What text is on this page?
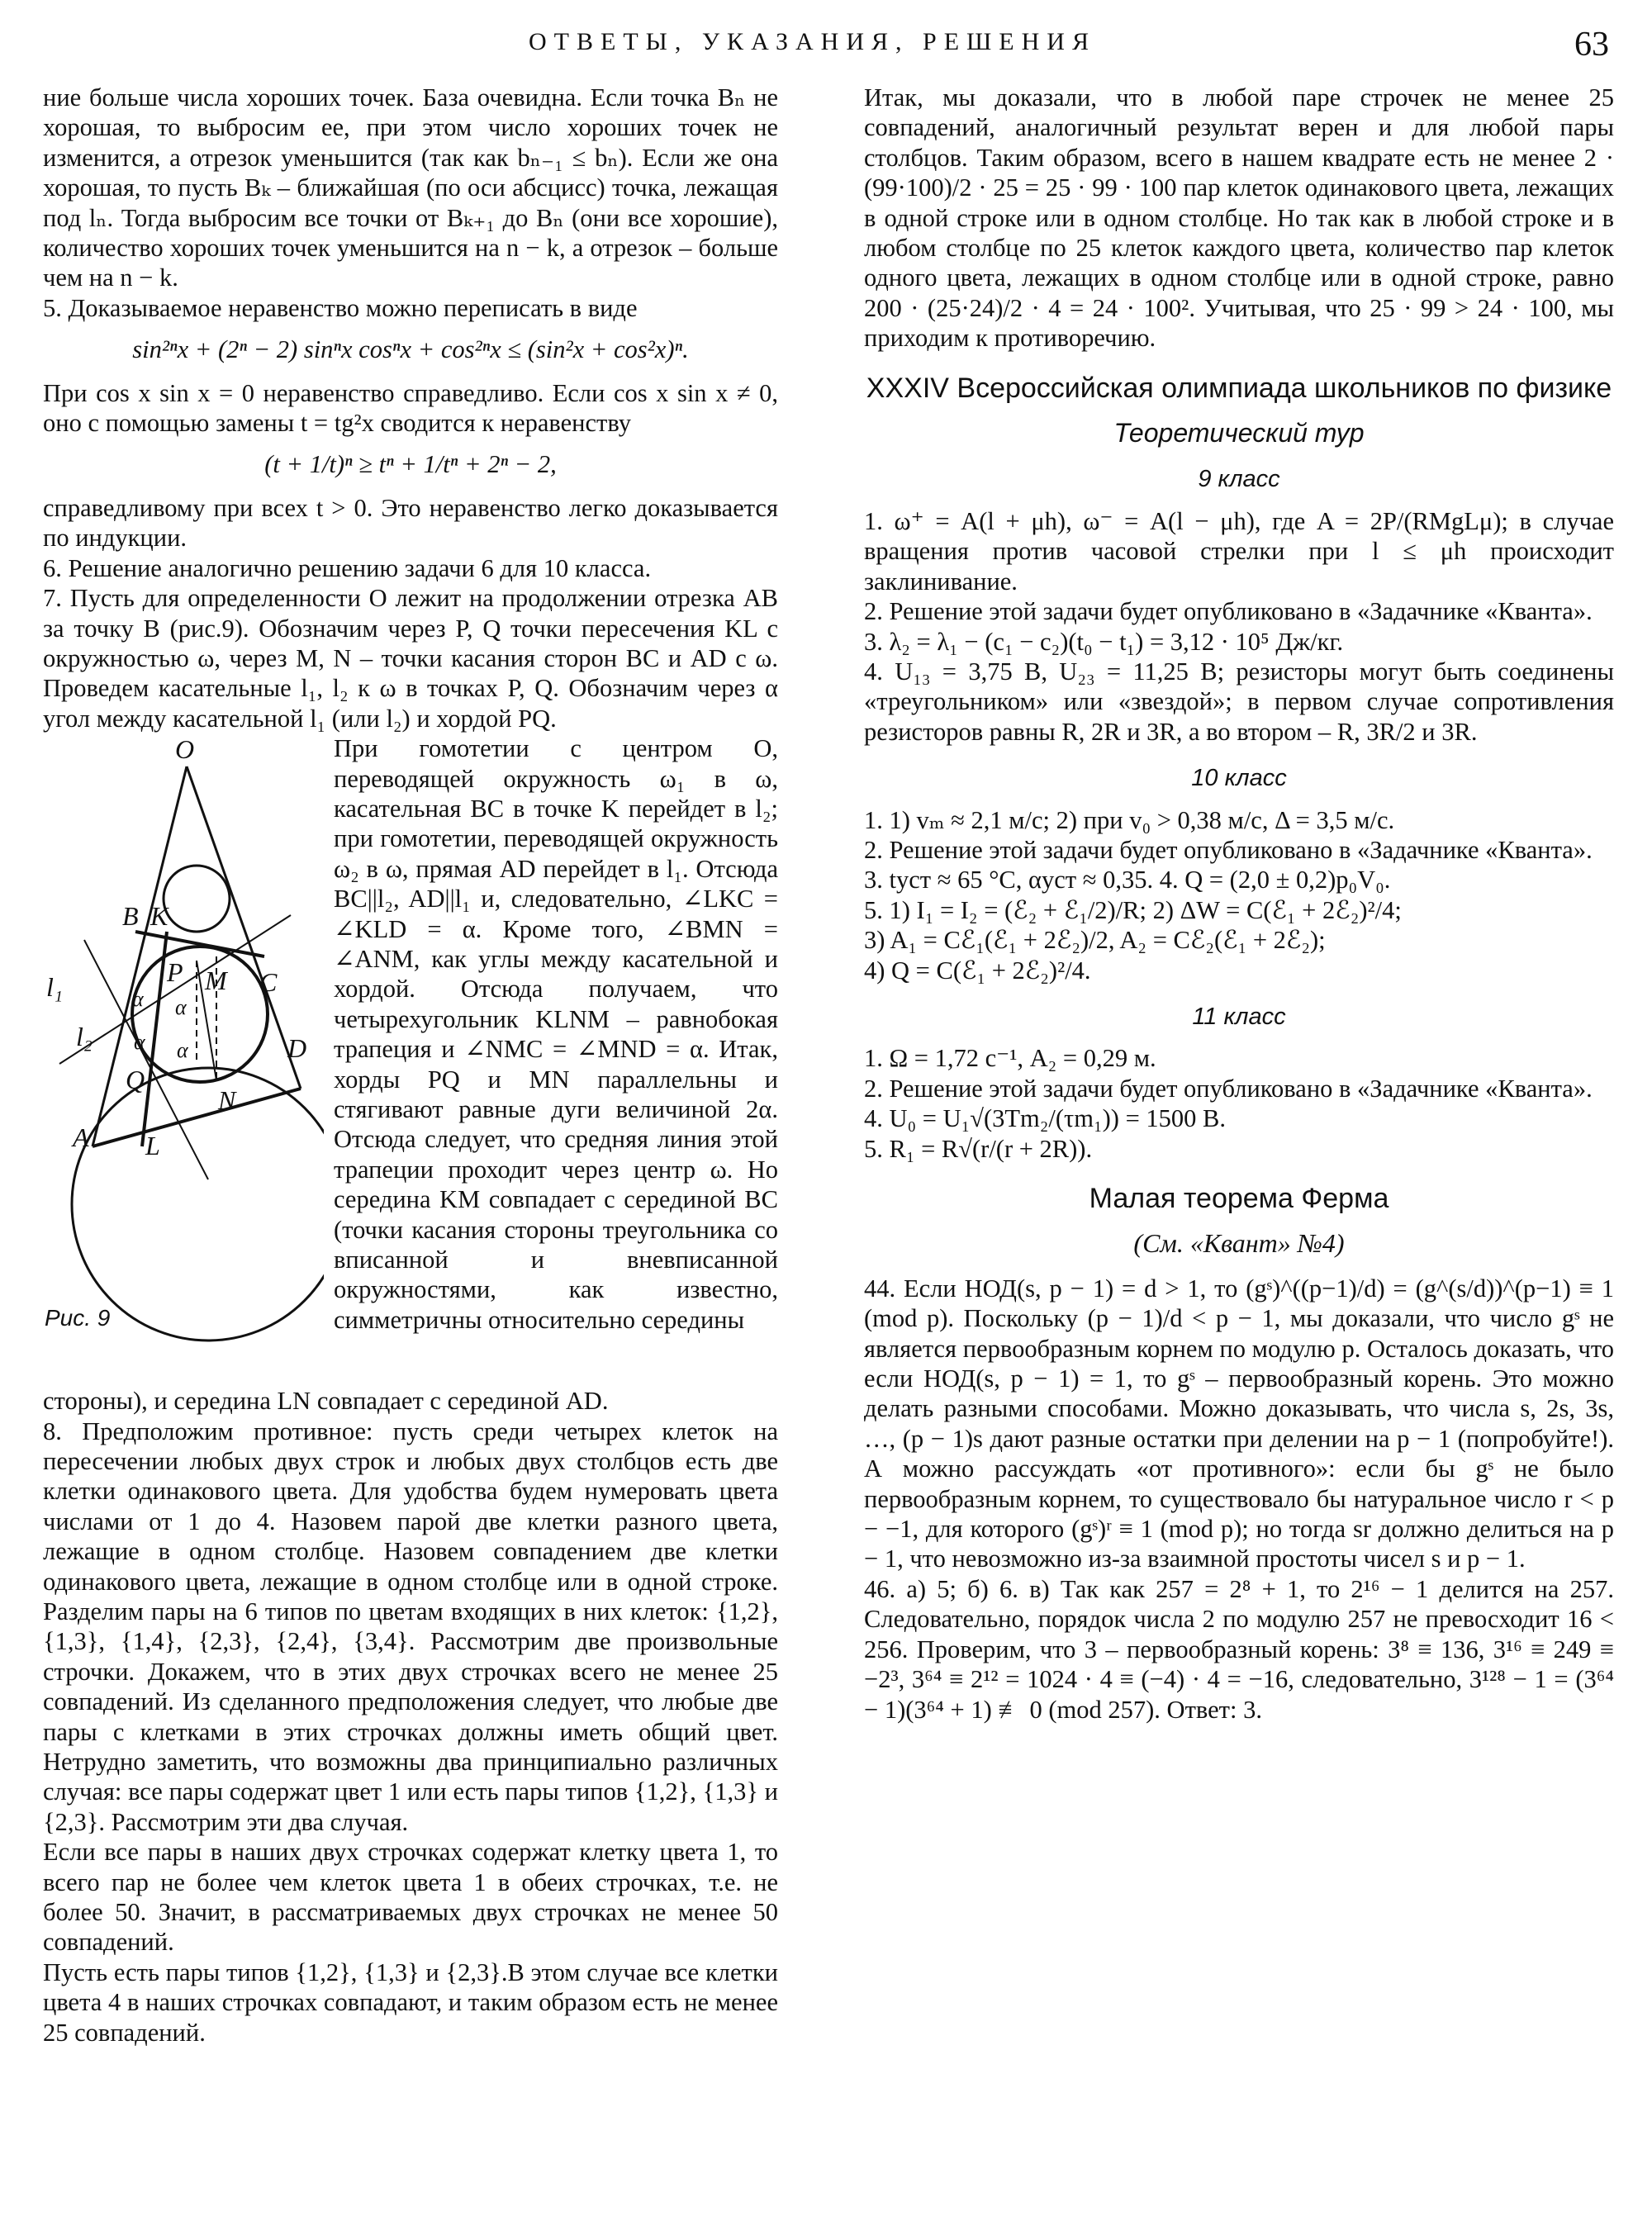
ОТВЕТЫ, УКАЗАНИЯ, РЕШЕНИЯ	63

ние больше числа хороших точек. База очевидна. Если точка Bₙ не хорошая, то выбросим ее, при этом число хороших точек не изменится, а отрезок уменьшится (так как bₙ₋₁ ≤ bₙ). Если же она хорошая, то пусть Bₖ – ближайшая (по оси абсцисс) точка, лежащая под lₙ. Тогда выбросим все точки от Bₖ₊₁ до Bₙ (они все хорошие), количество хороших точек уменьшится на n − k, а отрезок – больше чем на n − k.

5. Доказываемое неравенство можно переписать в виде

sin²ⁿx + (2ⁿ − 2) sinⁿx cosⁿx + cos²ⁿx ≤ (sin²x + cos²x)ⁿ.

При cos x sin x = 0 неравенство справедливо. Если cos x sin x ≠ 0, оно с помощью замены t = tg²x сводится к неравенству

(t + 1/t)ⁿ ≥ tⁿ + 1/tⁿ + 2ⁿ − 2,

справедливому при всех t > 0. Это неравенство легко доказывается по индукции.

6. Решение аналогично решению задачи 6 для 10 класса.

7. Пусть для определенности O лежит на продолжении отрезка AB за точку B (рис.9). Обозначим через P, Q точки пересечения KL с окружностью ω, через M, N – точки касания сторон BC и AD с ω. Проведем касательные l₁, l₂ к ω в точках P, Q. Обозначим через α угол между касательной l₁ (или l₂) и хордой PQ.

O
B K
P M C
D
Q
N
A L
l₁
l₂
α
α
α
α
Рис. 9

При гомотетии с центром O, переводящей окружность ω₁ в ω, касательная BC в точке K перейдет в l₂; при гомотетии, переводящей окружность ω₂ в ω, прямая AD перейдет в l₁. Отсюда BC||l₂, AD||l₁ и, следовательно, ∠LKC = ∠KLD = α. Кроме того, ∠BMN = ∠ANM, как углы между касательной и хордой. Отсюда получаем, что четырехугольник KLNM – равнобокая трапеция и ∠NMC = ∠MND = α. Итак, хорды PQ и MN параллельны и стягивают равные дуги величиной 2α. Отсюда следует, что средняя линия этой трапеции проходит через центр ω. Но середина KM совпадает с серединой BC (точки касания стороны треугольника со вписанной и вневписанной окружностями, как известно, симметричны относительно середины

стороны), и середина LN совпадает с серединой AD.

8. Предположим противное: пусть среди четырех клеток на пересечении любых двух строк и любых двух столбцов есть две клетки одинакового цвета. Для удобства будем нумеровать цвета числами от 1 до 4. Назовем парой две клетки разного цвета, лежащие в одном столбце. Назовем совпадением две клетки одинакового цвета, лежащие в одном столбце или в одной строке. Разделим пары на 6 типов по цветам входящих в них клеток: {1,2}, {1,3}, {1,4}, {2,3}, {2,4}, {3,4}. Рассмотрим две произвольные строчки. Докажем, что в этих двух строчках всего не менее 25 совпадений. Из сделанного предположения следует, что любые две пары с клетками в этих строчках должны иметь общий цвет. Нетрудно заметить, что возможны два принципиально различных случая: все пары содержат цвет 1 или есть пары типов {1,2}, {1,3} и {2,3}. Рассмотрим эти два случая.

Если все пары в наших двух строчках содержат клетку цвета 1, то всего пар не более чем клеток цвета 1 в обеих строчках, т.е. не более 50. Значит, в рассматриваемых двух строчках не менее 50 совпадений.

Пусть есть пары типов {1,2}, {1,3} и {2,3}.В этом случае все клетки цвета 4 в наших строчках совпадают, и таким образом есть не менее 25 совпадений.

Итак, мы доказали, что в любой паре строчек не менее 25 совпадений, аналогичный результат верен и для любой пары столбцов. Таким образом, всего в нашем квадрате есть не менее 2 · (99·100)/2 · 25 = 25 · 99 · 100 пар клеток одинакового цвета, лежащих в одной строке или в одном столбце. Но так как в любой строке и в любом столбце по 25 клеток каждого цвета, количество пар клеток одного цвета, лежащих в одном столбце или в одной строке, равно 200 · (25·24)/2 · 4 = 24 · 100². Учитывая, что 25 · 99 > 24 · 100, мы приходим к противоречию.

XXXIV Всероссийская олимпиада школьников по физике
Теоретический тур
9 класс

1. ω⁺ = A(l + μh), ω⁻ = A(l − μh), где A = 2P/(RMgLμ); в случае вращения против часовой стрелки при l ≤ μh происходит заклинивание.

2. Решение этой задачи будет опубликовано в «Задачнике «Кванта».

3. λ₂ = λ₁ − (c₁ − c₂)(t₀ − t₁) = 3,12 · 10⁵ Дж/кг.

4. U₁₃ = 3,75 В, U₂₃ = 11,25 В; резисторы могут быть соединены «треугольником» или «звездой»; в первом случае сопротивления резисторов равны R, 2R и 3R, а во втором – R, 3R/2 и 3R.

10 класс

1. 1) vₘ ≈ 2,1 м/с; 2) при v₀ > 0,38 м/с, Δ = 3,5 м/с.

2. Решение этой задачи будет опубликовано в «Задачнике «Кванта».

3. tуст ≈ 65 °C, αуст ≈ 0,35. 4. Q = (2,0 ± 0,2)p₀V₀.

5. 1) I₁ = I₂ = (ℰ₂ + ℰ₁/2)/R; 2) ΔW = C(ℰ₁ + 2ℰ₂)²/4;

3) A₁ = Cℰ₁(ℰ₁ + 2ℰ₂)/2, A₂ = Cℰ₂(ℰ₁ + 2ℰ₂);

4) Q = C(ℰ₁ + 2ℰ₂)²/4.

11 класс

1. Ω = 1,72 с⁻¹, A₂ = 0,29 м.

2. Решение этой задачи будет опубликовано в «Задачнике «Кванта».

4. U₀ = U₁√(3Tm₂/(τm₁)) = 1500 В.

5. R₁ = R√(r/(r + 2R)).

Малая теорема Ферма
(См. «Квант» №4)

44. Если НОД(s, p − 1) = d > 1, то (gˢ)^((p−1)/d) = (g^(s/d))^(p−1) ≡ 1 (mod p). Поскольку (p − 1)/d < p − 1, мы доказали, что число gˢ не является первообразным корнем по модулю p. Осталось доказать, что если НОД(s, p − 1) = 1, то gˢ – первообразный корень. Это можно делать разными способами. Можно доказывать, что числа s, 2s, 3s, …, (p − 1)s дают разные остатки при делении на p − 1 (попробуйте!). А можно рассуждать «от противного»: если бы gˢ не было первообразным корнем, то существовало бы натуральное число r < p − −1, для которого (gˢ)ʳ ≡ 1 (mod p); но тогда sr должно делиться на p − 1, что невозможно из-за взаимной простоты чисел s и p − 1.

46. а) 5; б) 6. в) Так как 257 = 2⁸ + 1, то 2¹⁶ − 1 делится на 257. Следовательно, порядок числа 2 по модулю 257 не превосходит 16 < 256. Проверим, что 3 – первообразный корень: 3⁸ ≡ 136, 3¹⁶ ≡ 249 ≡ −2³, 3⁶⁴ ≡ 2¹² = 1024 · 4 ≡ (−4) · 4 = −16, следовательно, 3¹²⁸ − 1 = (3⁶⁴ − 1)(3⁶⁴ + 1) ≢ 0 (mod 257). Ответ: 3.
